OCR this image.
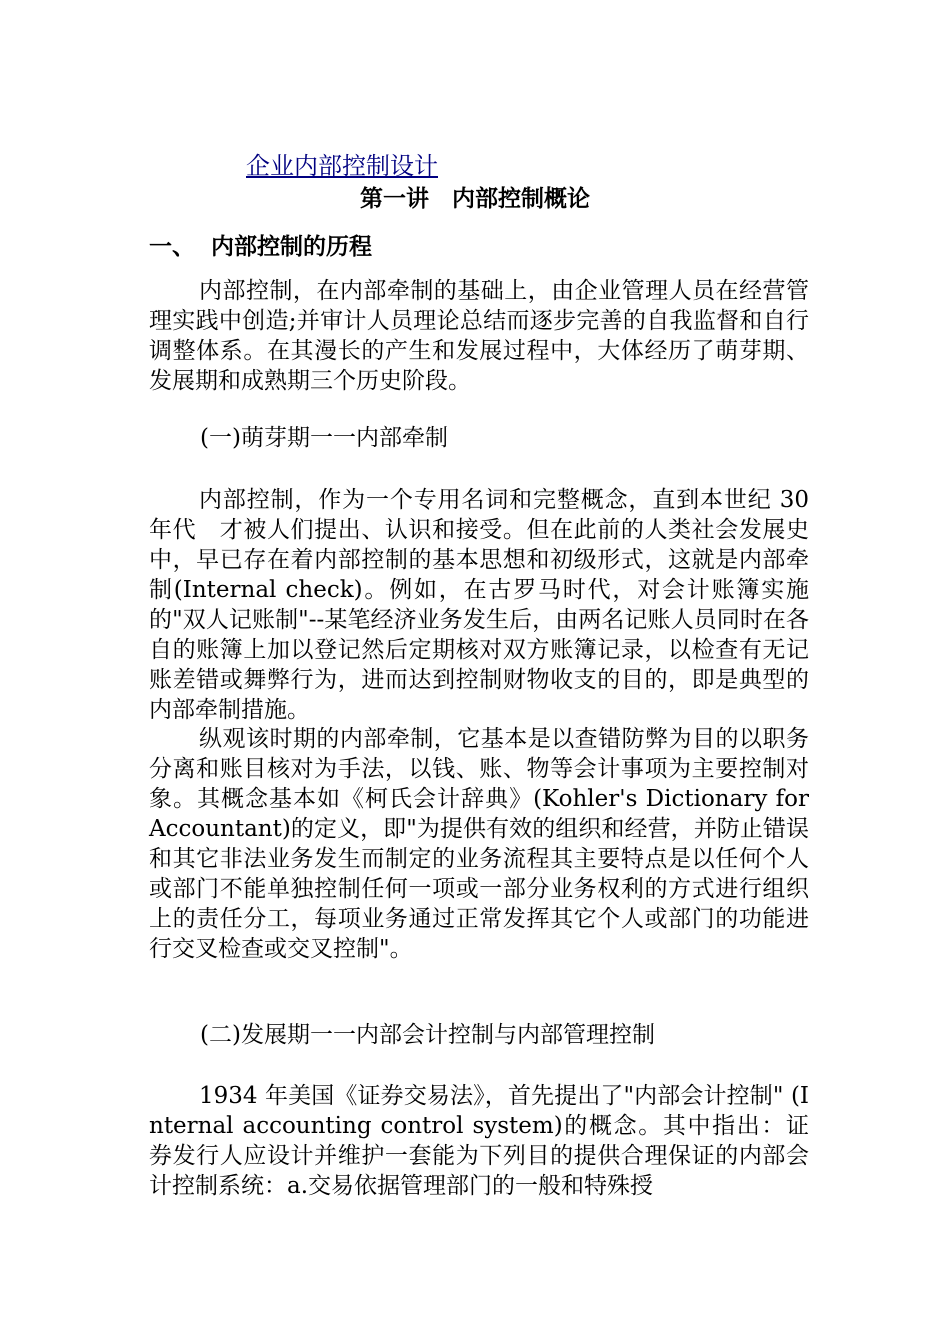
企业内部控制设计
第一讲　内部控制概论
一、  内部控制的历程

内部控制，在内部牵制的基础上，由企业管理人员在经营管理实践中创造;并审计人员理论总结而逐步完善的自我监督和自行调整体系。在其漫长的产生和发展过程中，大体经历了萌芽期、发展期和成熟期三个历史阶段。

(一)萌芽期一一内部牵制

内部控制，作为一个专用名词和完整概念，直到本世纪 30 年代　才被人们提出、认识和接受。但在此前的人类社会发展史中，早已存在着内部控制的基本思想和初级形式，这就是内部牵制(Internal check)。例如，在古罗马时代，对会计账簿实施的"双人记账制"--某笔经济业务发生后，由两名记账人员同时在各自的账簿上加以登记然后定期核对双方账簿记录，以检查有无记账差错或舞弊行为，进而达到控制财物收支的目的，即是典型的内部牵制措施。

纵观该时期的内部牵制，它基本是以查错防弊为目的以职务分离和账目核对为手法，以钱、账、物等会计事项为主要控制对象。其概念基本如《柯氏会计辞典》(Kohler's Dictionary for Accountant)的定义，即"为提供有效的组织和经营，并防止错误和其它非法业务发生而制定的业务流程其主要特点是以任何个人或部门不能单独控制任何一项或一部分业务权利的方式进行组织上的责任分工，每项业务通过正常发挥其它个人或部门的功能进行交叉检查或交叉控制"。

(二)发展期一一内部会计控制与内部管理控制

1934 年美国《证券交易法》，首先提出了"内部会计控制" (Internal accounting control system)的概念。其中指出：证券发行人应设计并维护一套能为下列目的提供合理保证的内部会计控制系统：a.交易依据管理部门的一般和特殊授
